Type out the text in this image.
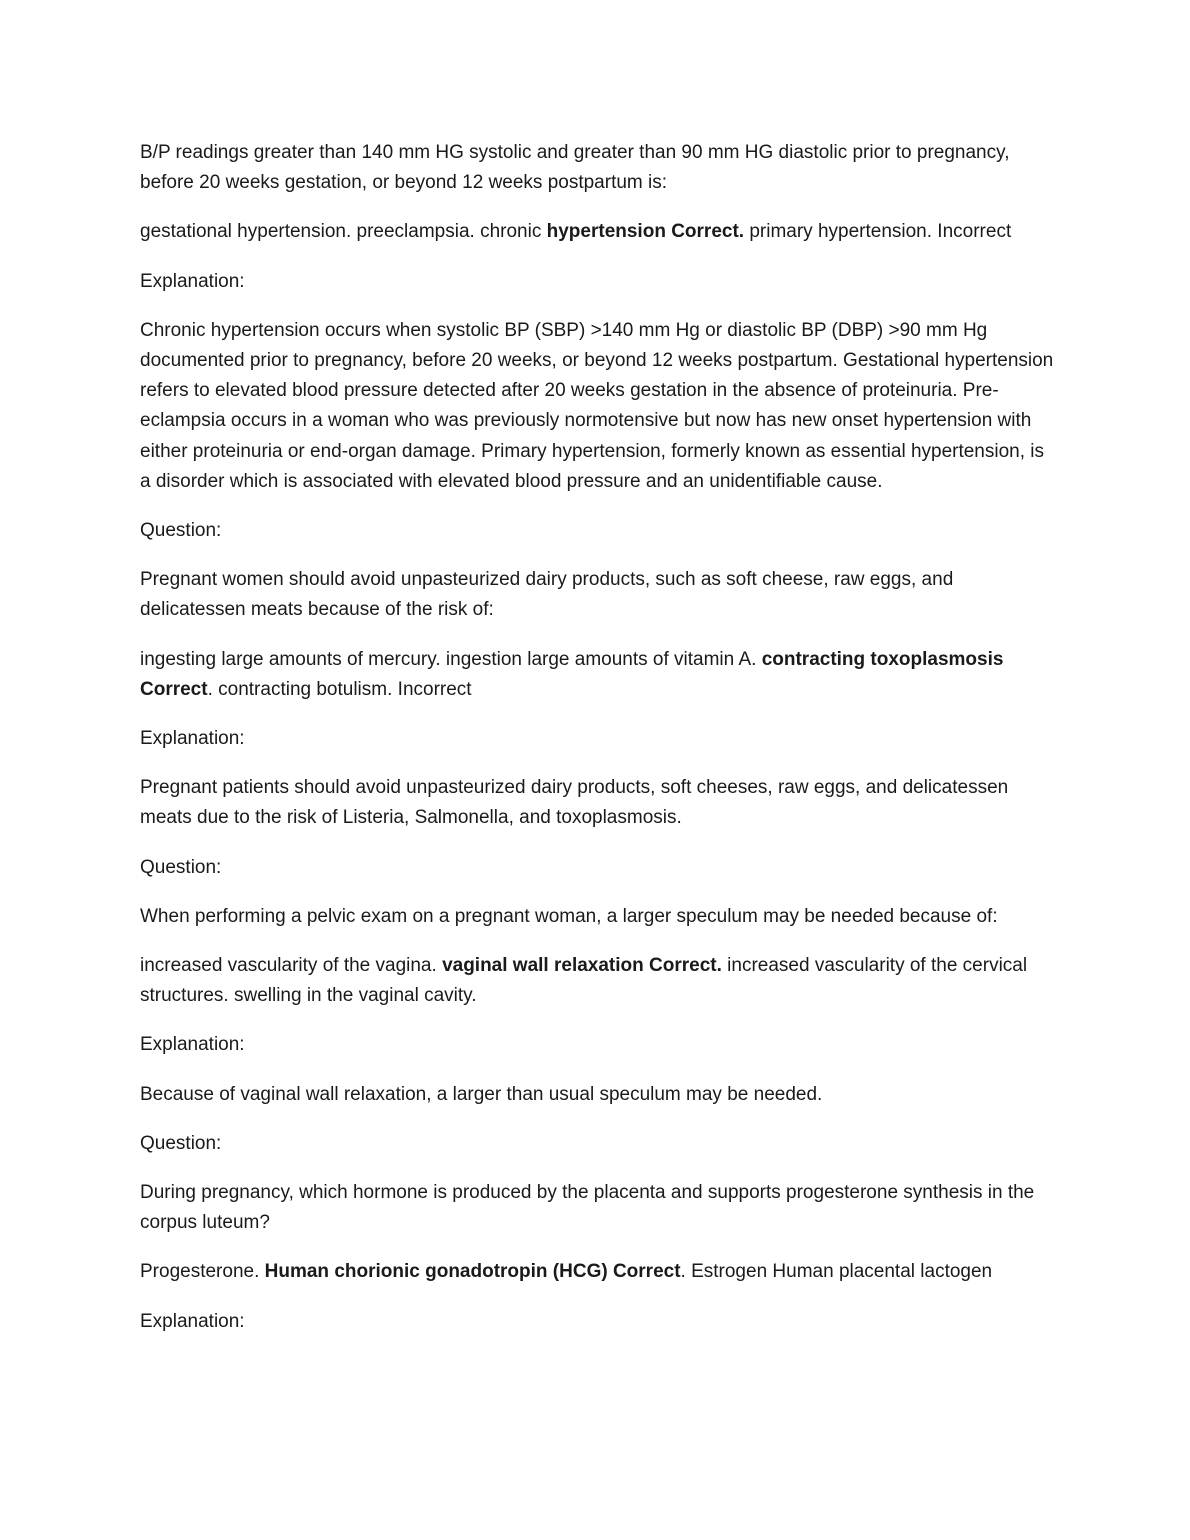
B/P readings greater than 140 mm HG systolic and greater than 90 mm HG diastolic prior to pregnancy, before 20 weeks gestation, or beyond 12 weeks postpartum is:

gestational hypertension. preeclampsia. chronic hypertension Correct. primary hypertension. Incorrect

Explanation:

Chronic hypertension occurs when systolic BP (SBP) >140 mm Hg or diastolic BP (DBP) >90 mm Hg documented prior to pregnancy, before 20 weeks, or beyond 12 weeks postpartum. Gestational hypertension refers to elevated blood pressure detected after 20 weeks gestation in the absence of proteinuria. Pre-eclampsia occurs in a woman who was previously normotensive but now has new onset hypertension with either proteinuria or end-organ damage. Primary hypertension, formerly known as essential hypertension, is a disorder which is associated with elevated blood pressure and an unidentifiable cause.

Question:

Pregnant women should avoid unpasteurized dairy products, such as soft cheese, raw eggs, and delicatessen meats because of the risk of:

ingesting large amounts of mercury. ingestion large amounts of vitamin A. contracting toxoplasmosis Correct. contracting botulism. Incorrect

Explanation:

Pregnant patients should avoid unpasteurized dairy products, soft cheeses, raw eggs, and delicatessen meats due to the risk of Listeria, Salmonella, and toxoplasmosis.

Question:

When performing a pelvic exam on a pregnant woman, a larger speculum may be needed because of:

increased vascularity of the vagina. vaginal wall relaxation Correct. increased vascularity of the cervical structures. swelling in the vaginal cavity.

Explanation:

Because of vaginal wall relaxation, a larger than usual speculum may be needed.

Question:

During pregnancy, which hormone is produced by the placenta and supports progesterone synthesis in the corpus luteum?

Progesterone. Human chorionic gonadotropin (HCG) Correct. Estrogen Human placental lactogen

Explanation:
